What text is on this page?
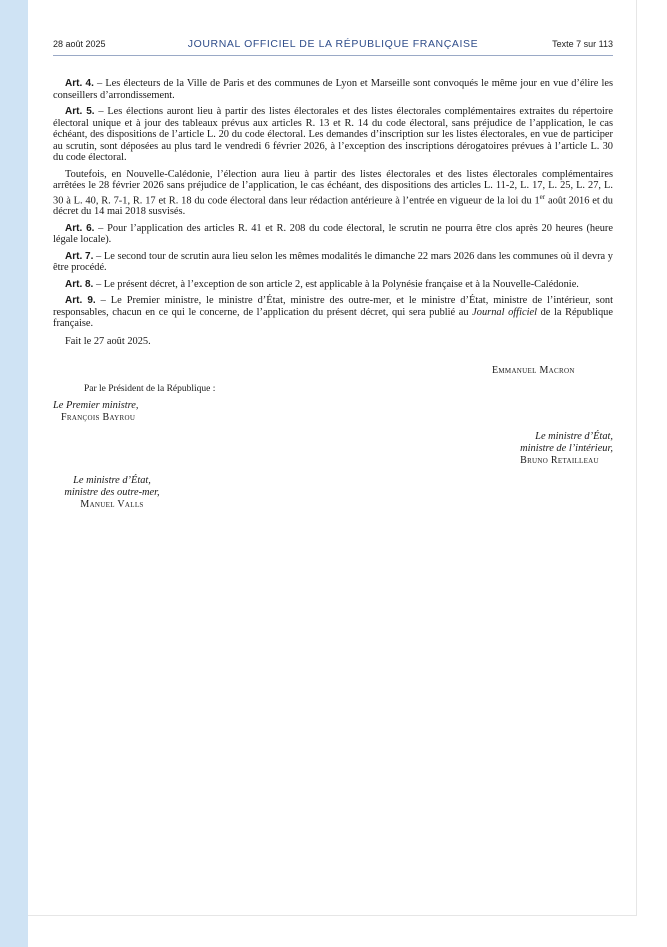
28 août 2025	JOURNAL OFFICIEL DE LA RÉPUBLIQUE FRANÇAISE	Texte 7 sur 113

Art. 4. – Les électeurs de la Ville de Paris et des communes de Lyon et Marseille sont convoqués le même jour en vue d’élire les conseillers d’arrondissement.

Art. 5. – Les élections auront lieu à partir des listes électorales et des listes électorales complémentaires extraites du répertoire électoral unique et à jour des tableaux prévus aux articles R. 13 et R. 14 du code électoral, sans préjudice de l’application, le cas échéant, des dispositions de l’article L. 20 du code électoral. Les demandes d’inscription sur les listes électorales, en vue de participer au scrutin, sont déposées au plus tard le vendredi 6 février 2026, à l’exception des inscriptions dérogatoires prévues à l’article L. 30 du code électoral.

Toutefois, en Nouvelle-Calédonie, l’élection aura lieu à partir des listes électorales et des listes électorales complémentaires arrêtées le 28 février 2026 sans préjudice de l’application, le cas échéant, des dispositions des articles L. 11-2, L. 17, L. 25, L. 27, L. 30 à L. 40, R. 7-1, R. 17 et R. 18 du code électoral dans leur rédaction antérieure à l’entrée en vigueur de la loi du 1er août 2016 et du décret du 14 mai 2018 susvisés.

Art. 6. – Pour l’application des articles R. 41 et R. 208 du code électoral, le scrutin ne pourra être clos après 20 heures (heure légale locale).

Art. 7. – Le second tour de scrutin aura lieu selon les mêmes modalités le dimanche 22 mars 2026 dans les communes où il devra y être procédé.

Art. 8. – Le présent décret, à l’exception de son article 2, est applicable à la Polynésie française et à la Nouvelle-Calédonie.

Art. 9. – Le Premier ministre, le ministre d’État, ministre des outre-mer, et le ministre d’État, ministre de l’intérieur, sont responsables, chacun en ce qui le concerne, de l’application du présent décret, qui sera publié au Journal officiel de la République française.

Fait le 27 août 2025.

Emmanuel Macron
Par le Président de la République :
Le Premier ministre,
François Bayrou
Le ministre d’État,
ministre de l’intérieur,
Bruno Retailleau
Le ministre d’État,
ministre des outre-mer,
Manuel Valls
